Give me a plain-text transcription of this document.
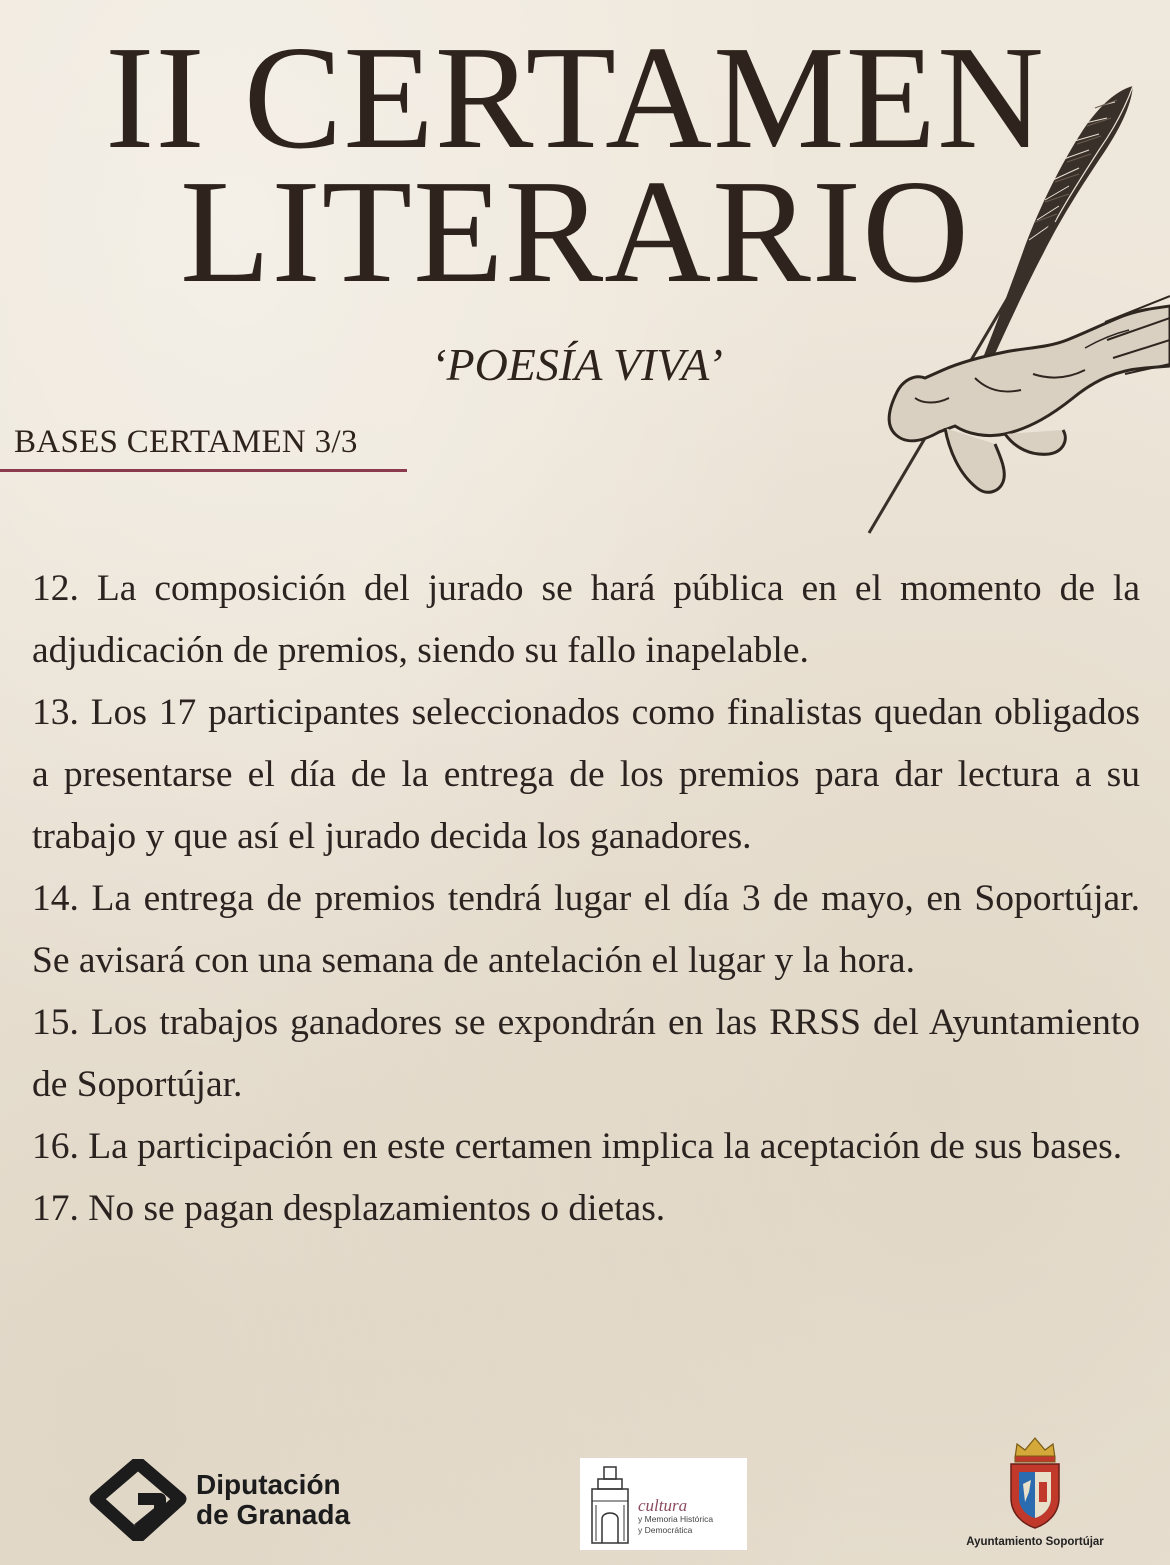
II CERTAMEN
LITERARIO
‘POESÍA VIVA’
BASES CERTAMEN 3/3

12. La composición del jurado se hará pública en el momento de la adjudicación de premios, siendo su fallo inapelable.

13. Los 17 participantes seleccionados como finalistas quedan obligados a presentarse el día de la entrega de los premios para dar lectura a su trabajo y que así el jurado decida los ganadores.

14. La entrega de premios tendrá lugar el día 3 de mayo, en Soportújar. Se avisará con una semana de antelación el lugar y la hora.

15. Los trabajos ganadores se expondrán en las RRSS del Ayuntamiento de Soportújar.

16. La participación en este certamen implica la aceptación de sus bases.

17. No se pagan desplazamientos o dietas.

Diputación
de Granada	cultura
y Memoria Histórica
y Democrática
Ayuntamiento Soportújar
